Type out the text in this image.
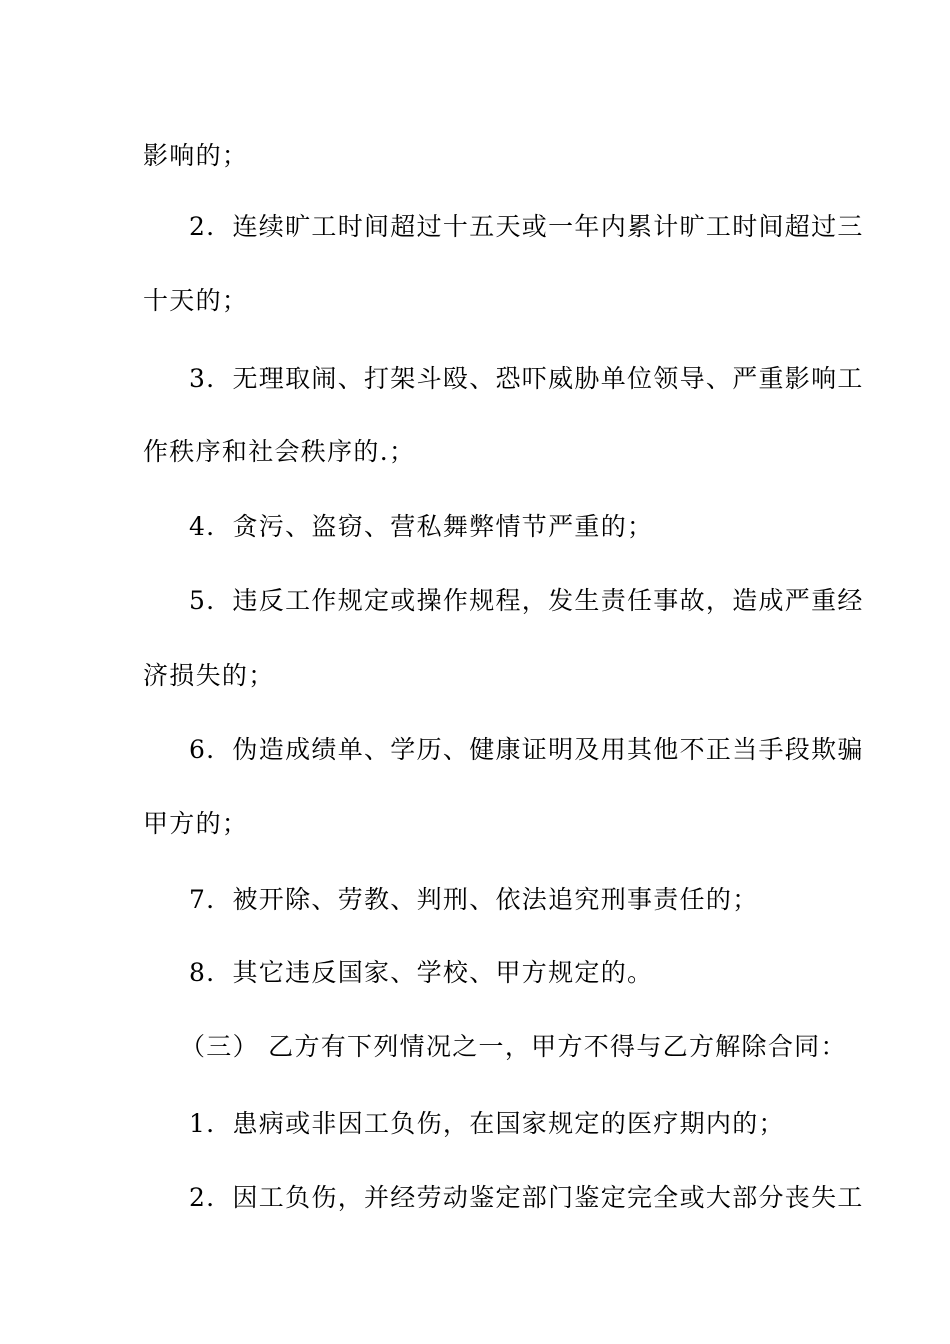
影响的；
2．连续旷工时间超过十五天或一年内累计旷工时间超过三
十天的；
3．无理取闹、打架斗殴、恐吓威胁单位领导、严重影响工
作秩序和社会秩序的.；
4．贪污、盗窃、营私舞弊情节严重的；
5．违反工作规定或操作规程，发生责任事故，造成严重经
济损失的；
6．伪造成绩单、学历、健康证明及用其他不正当手段欺骗
甲方的；
7．被开除、劳教、判刑、依法追究刑事责任的；
8．其它违反国家、学校、甲方规定的。
（三） 乙方有下列情况之一，甲方不得与乙方解除合同：
1．患病或非因工负伤，在国家规定的医疗期内的；
2．因工负伤，并经劳动鉴定部门鉴定完全或大部分丧失工
